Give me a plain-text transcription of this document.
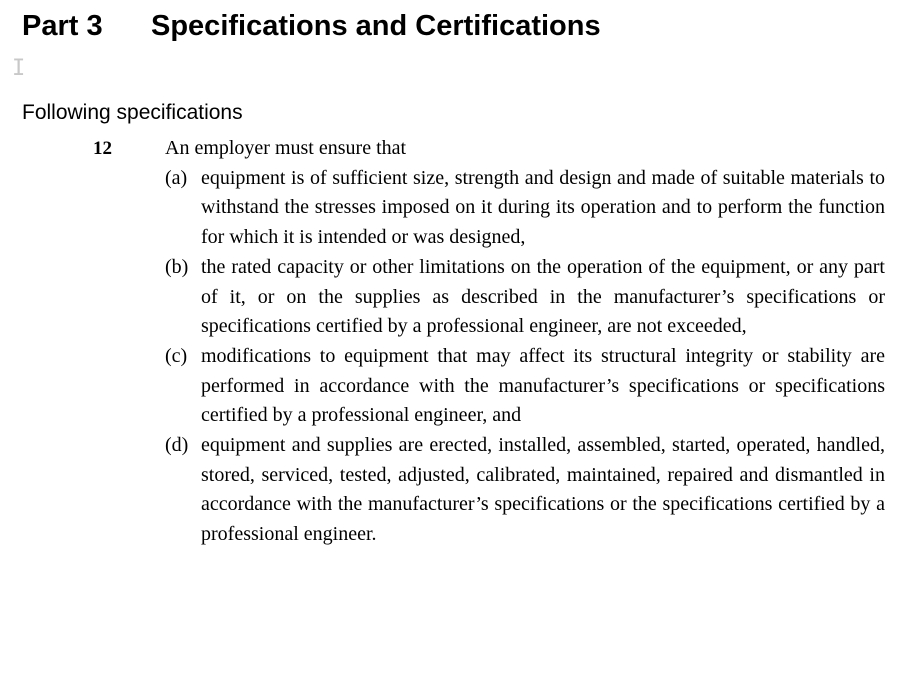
Part 3 Specifications and Certifications
I
Following specifications
12	An employer must ensure that

(a) equipment is of sufficient size, strength and design and made of suitable materials to withstand the stresses imposed on it during its operation and to perform the function for which it is intended or was designed,
(b) the rated capacity or other limitations on the operation of the equipment, or any part of it, or on the supplies as described in the manufacturer’s specifications or specifications certified by a professional engineer, are not exceeded,
(c) modifications to equipment that may affect its structural integrity or stability are performed in accordance with the manufacturer’s specifications or specifications certified by a professional engineer, and
(d) equipment and supplies are erected, installed, assembled, started, operated, handled, stored, serviced, tested, adjusted, calibrated, maintained, repaired and dismantled in accordance with the manufacturer’s specifications or the specifications certified by a professional engineer.
